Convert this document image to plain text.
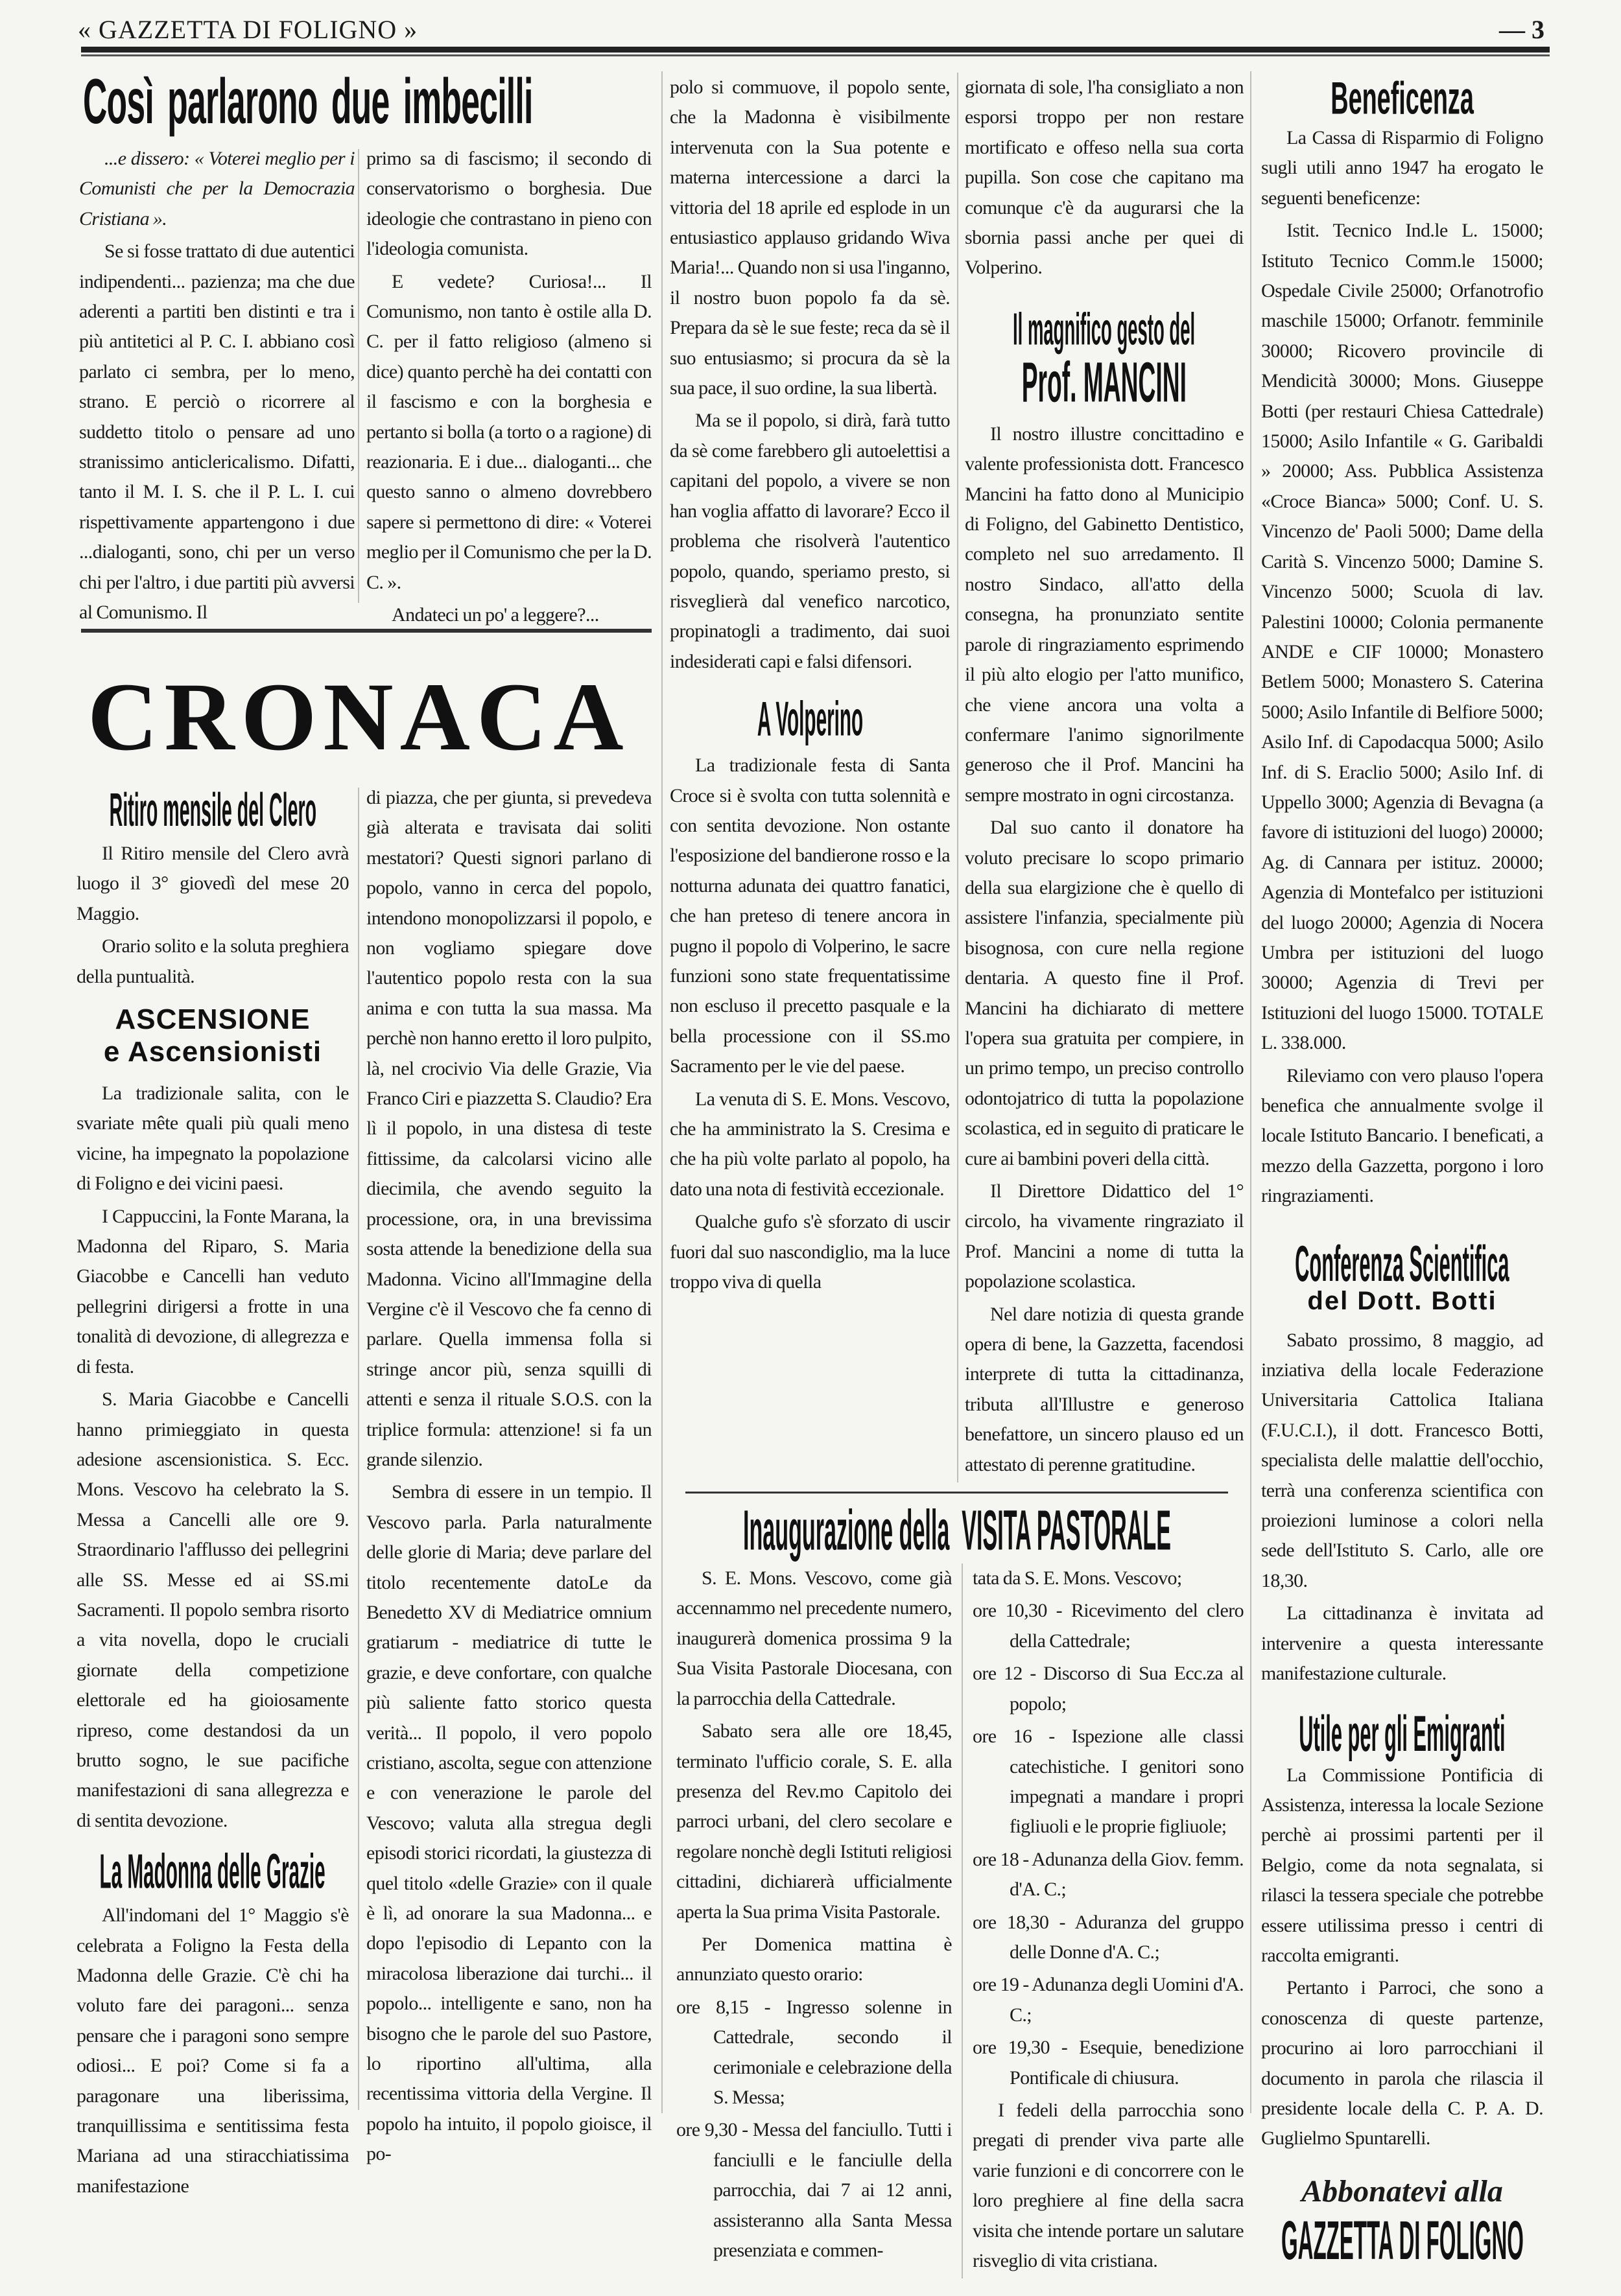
« GAZZETTA DI FOLIGNO »	— 3
Così parlarono due imbecilli

...e dissero: « Voterei meglio per i Comunisti che per la Democrazia Cristiana ».

Se si fosse trattato di due autentici indipendenti... pazienza; ma che due aderenti a partiti ben distinti e tra i più antitetici al P. C. I. abbiano così parlato ci sembra, per lo meno, strano. E perciò o ricorrere al suddetto titolo o pensare ad uno stranissimo anticlericalismo. Difatti, tanto il M. I. S. che il P. L. I. cui rispettivamente appartengono i due ...dialoganti, sono, chi per un verso chi per l'altro, i due partiti più avversi al Comunismo. Il

primo sa di fascismo; il secondo di conservatorismo o borghesia. Due ideologie che contrastano in pieno con l'ideologia comunista.

E vedete? Curiosa!... Il Comunismo, non tanto è ostile alla D. C. per il fatto religioso (almeno si dice) quanto perchè ha dei contatti con il fascismo e con la borghesia e pertanto si bolla (a torto o a ragione) di reazionaria. E i due... dialoganti... che questo sanno o almeno dovrebbero sapere si permettono di dire: « Voterei meglio per il Comunismo che per la D. C. ».

Andateci un po' a leggere?...

CRONACA
Ritiro mensile del Clero

Il Ritiro mensile del Clero avrà luogo il 3° giovedì del mese 20 Maggio.

Orario solito e la soluta preghiera della puntualità.

ASCENSIONE
e Ascensionisti

La tradizionale salita, con le svariate mête quali più quali meno vicine, ha impegnato la popolazione di Foligno e dei vicini paesi.

I Cappuccini, la Fonte Marana, la Madonna del Riparo, S. Maria Giacobbe e Cancelli han veduto pellegrini dirigersi a frotte in una tonalità di devozione, di allegrezza e di festa.

S. Maria Giacobbe e Cancelli hanno primieggiato in questa adesione ascensionistica. S. Ecc. Mons. Vescovo ha celebrato la S. Messa a Cancelli alle ore 9. Straordinario l'afflusso dei pellegrini alle SS. Messe ed ai SS.mi Sacramenti. Il popolo sembra risorto a vita novella, dopo le cruciali giornate della competizione elettorale ed ha gioiosamente ripreso, come destandosi da un brutto sogno, le sue pacifiche manifestazioni di sana allegrezza e di sentita devozione.

La Madonna delle Grazie

All'indomani del 1° Maggio s'è celebrata a Foligno la Festa della Madonna delle Grazie. C'è chi ha voluto fare dei paragoni... senza pensare che i paragoni sono sempre odiosi... E poi? Come si fa a paragonare una liberissima, tranquillissima e sentitissima festa Mariana ad una stiracchiatissima manifestazione

di piazza, che per giunta, si prevedeva già alterata e travisata dai soliti mestatori? Questi signori parlano di popolo, vanno in cerca del popolo, intendono monopolizzarsi il popolo, e non vogliamo spiegare dove l'autentico popolo resta con la sua anima e con tutta la sua massa. Ma perchè non hanno eretto il loro pulpito, là, nel crocivio Via delle Grazie, Via Franco Ciri e piazzetta S. Claudio? Era lì il popolo, in una distesa di teste fittissime, da calcolarsi vicino alle diecimila, che avendo seguito la processione, ora, in una brevissima sosta attende la benedizione della sua Madonna. Vicino all'Immagine della Vergine c'è il Vescovo che fa cenno di parlare. Quella immensa folla si stringe ancor più, senza squilli di attenti e senza il rituale S.O.S. con la triplice formula: attenzione! si fa un grande silenzio.

Sembra di essere in un tempio. Il Vescovo parla. Parla naturalmente delle glorie di Maria; deve parlare del titolo recentemente datoLe da Benedetto XV di Mediatrice omnium gratiarum - mediatrice di tutte le grazie, e deve confortare, con qualche più saliente fatto storico questa verità... Il popolo, il vero popolo cristiano, ascolta, segue con attenzione e con venerazione le parole del Vescovo; valuta alla stregua degli episodi storici ricordati, la giustezza di quel titolo «delle Grazie» con il quale è lì, ad onorare la sua Madonna... e dopo l'episodio di Lepanto con la miracolosa liberazione dai turchi... il popolo... intelligente e sano, non ha bisogno che le parole del suo Pastore, lo riportino all'ultima, alla recentissima vittoria della Vergine. Il popolo ha intuito, il popolo gioisce, il po-

polo si commuove, il popolo sente, che la Madonna è visibilmente intervenuta con la Sua potente e materna intercessione a darci la vittoria del 18 aprile ed esplode in un entusiastico applauso gridando Wiva Maria!... Quando non si usa l'inganno, il nostro buon popolo fa da sè. Prepara da sè le sue feste; reca da sè il suo entusiasmo; si procura da sè la sua pace, il suo ordine, la sua libertà.

Ma se il popolo, si dirà, farà tutto da sè come farebbero gli autoelettisi a capitani del popolo, a vivere se non han voglia affatto di lavorare? Ecco il problema che risolverà l'autentico popolo, quando, speriamo presto, si risveglierà dal venefico narcotico, propinatogli a tradimento, dai suoi indesiderati capi e falsi difensori.

A Volperino

La tradizionale festa di Santa Croce si è svolta con tutta solennità e con sentita devozione. Non ostante l'esposizione del bandierone rosso e la notturna adunata dei quattro fanatici, che han preteso di tenere ancora in pugno il popolo di Volperino, le sacre funzioni sono state frequentatissime non escluso il precetto pasquale e la bella processione con il SS.mo Sacramento per le vie del paese.

La venuta di S. E. Mons. Vescovo, che ha amministrato la S. Cresima e che ha più volte parlato al popolo, ha dato una nota di festività eccezionale.

Qualche gufo s'è sforzato di uscir fuori dal suo nascondiglio, ma la luce troppo viva di quella

giornata di sole, l'ha consigliato a non esporsi troppo per non restare mortificato e offeso nella sua corta pupilla. Son cose che capitano ma comunque c'è da augurarsi che la sbornia passi anche per quei di Volperino.

Il magnifico gesto del
Prof. MANCINI

Il nostro illustre concittadino e valente professionista dott. Francesco Mancini ha fatto dono al Municipio di Foligno, del Gabinetto Dentistico, completo nel suo arredamento. Il nostro Sindaco, all'atto della consegna, ha pronunziato sentite parole di ringraziamento esprimendo il più alto elogio per l'atto munifico, che viene ancora una volta a confermare l'animo signorilmente generoso che il Prof. Mancini ha sempre mostrato in ogni circostanza.

Dal suo canto il donatore ha voluto precisare lo scopo primario della sua elargizione che è quello di assistere l'infanzia, specialmente più bisognosa, con cure nella regione dentaria. A questo fine il Prof. Mancini ha dichiarato di mettere l'opera sua gratuita per compiere, in un primo tempo, un preciso controllo odontojatrico di tutta la popolazione scolastica, ed in seguito di praticare le cure ai bambini poveri della città.

Il Direttore Didattico del 1° circolo, ha vivamente ringraziato il Prof. Mancini a nome di tutta la popolazione scolastica.

Nel dare notizia di questa grande opera di bene, la Gazzetta, facendosi interprete di tutta la cittadinanza, tributa all'Illustre e generoso benefattore, un sincero plauso ed un attestato di perenne gratitudine.

Inaugurazione della VISITA PASTORALE

S. E. Mons. Vescovo, come già accennammo nel precedente numero, inaugurerà domenica prossima 9 la Sua Visita Pastorale Diocesana, con la parrocchia della Cattedrale.

Sabato sera alle ore 18,45, terminato l'ufficio corale, S. E. alla presenza del Rev.mo Capitolo dei parroci urbani, del clero secolare e regolare nonchè degli Istituti religiosi cittadini, dichiarerà ufficialmente aperta la Sua prima Visita Pastorale.

Per Domenica mattina è annunziato questo orario:

ore 8,15 - Ingresso solenne in Cattedrale, secondo il cerimoniale e celebrazione della S. Messa;

ore 9,30 - Messa del fanciullo. Tutti i fanciulli e le fanciulle della parrocchia, dai 7 ai 12 anni, assisteranno alla Santa Messa presenziata e commen-

tata da S. E. Mons. Vescovo;

ore 10,30 - Ricevimento del clero della Cattedrale;

ore 12 - Discorso di Sua Ecc.za al popolo;

ore 16 - Ispezione alle classi catechistiche. I genitori sono impegnati a mandare i propri figliuoli e le proprie figliuole;

ore 18 - Adunanza della Giov. femm. d'A. C.;

ore 18,30 - Aduranza del gruppo delle Donne d'A. C.;

ore 19 - Adunanza degli Uomini d'A. C.;

ore 19,30 - Esequie, benedizione Pontificale di chiusura.

I fedeli della parrocchia sono pregati di prender viva parte alle varie funzioni e di concorrere con le loro preghiere al fine della sacra visita che intende portare un salutare risveglio di vita cristiana.

Beneficenza

La Cassa di Risparmio di Foligno sugli utili anno 1947 ha erogato le seguenti beneficenze:

Istit. Tecnico Ind.le L. 15000; Istituto Tecnico Comm.le 15000; Ospedale Civile 25000; Orfanotrofio maschile 15000; Orfanotr. femminile 30000; Ricovero provincile di Mendicità 30000; Mons. Giuseppe Botti (per restauri Chiesa Cattedrale) 15000; Asilo Infantile « G. Garibaldi » 20000; Ass. Pubblica Assistenza «Croce Bianca» 5000; Conf. U. S. Vincenzo de' Paoli 5000; Dame della Carità S. Vincenzo 5000; Damine S. Vincenzo 5000; Scuola di lav. Palestini 10000; Colonia permanente ANDE e CIF 10000; Monastero Betlem 5000; Monastero S. Caterina 5000; Asilo Infantile di Belfiore 5000; Asilo Inf. di Capodacqua 5000; Asilo Inf. di S. Eraclio 5000; Asilo Inf. di Uppello 3000; Agenzia di Bevagna (a favore di istituzioni del luogo) 20000; Ag. di Cannara per istituz. 20000; Agenzia di Montefalco per istituzioni del luogo 20000; Agenzia di Nocera Umbra per istituzioni del luogo 30000; Agenzia di Trevi per Istituzioni del luogo 15000. TOTALE L. 338.000.

Rileviamo con vero plauso l'opera benefica che annualmente svolge il locale Istituto Bancario. I beneficati, a mezzo della Gazzetta, porgono i loro ringraziamenti.

Conferenza Scientifica
del Dott. Botti

Sabato prossimo, 8 maggio, ad inziativa della locale Federazione Universitaria Cattolica Italiana (F.U.C.I.), il dott. Francesco Botti, specialista delle malattie dell'occhio, terrà una conferenza scientifica con proiezioni luminose a colori nella sede dell'Istituto S. Carlo, alle ore 18,30.

La cittadinanza è invitata ad intervenire a questa interessante manifestazione culturale.

Utile per gli Emigranti

La Commissione Pontificia di Assistenza, interessa la locale Sezione perchè ai prossimi partenti per il Belgio, come da nota segnalata, si rilasci la tessera speciale che potrebbe essere utilissima presso i centri di raccolta emigranti.

Pertanto i Parroci, che sono a conoscenza di queste partenze, procurino ai loro parrocchiani il documento in parola che rilascia il presidente locale della C. P. A. D. Guglielmo Spuntarelli.

Abbonatevi alla
GAZZETTA DI FOLIGNO
